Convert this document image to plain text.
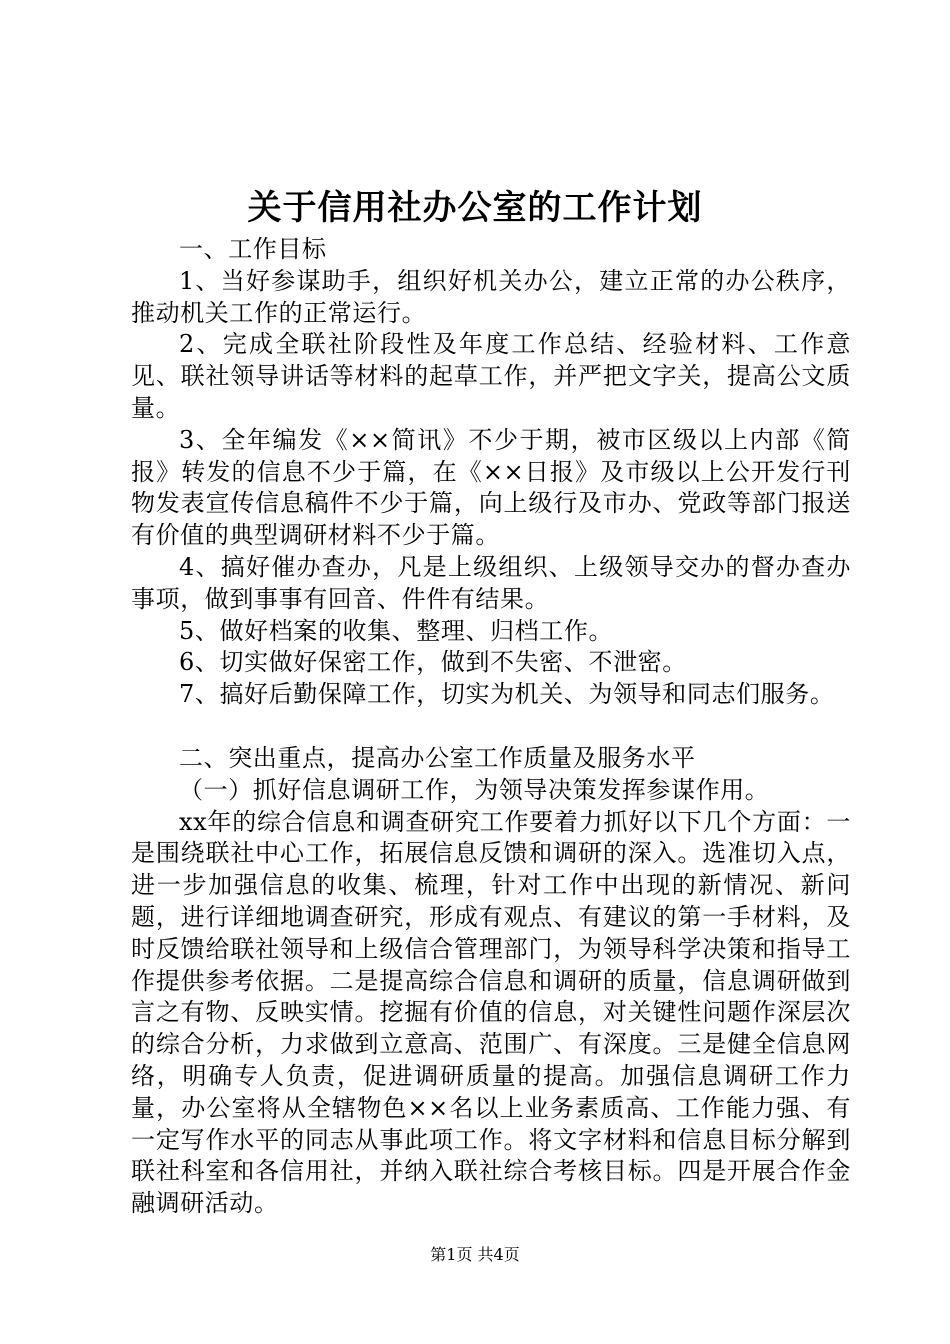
关于信用社办公室的工作计划

一、工作目标

1、当好参谋助手，组织好机关办公，建立正常的办公秩序，推动机关工作的正常运行。

2、完成全联社阶段性及年度工作总结、经验材料、工作意见、联社领导讲话等材料的起草工作，并严把文字关，提高公文质量。

3、全年编发《××简讯》不少于期，被市区级以上内部《简报》转发的信息不少于篇，在《××日报》及市级以上公开发行刊物发表宣传信息稿件不少于篇，向上级行及市办、党政等部门报送有价值的典型调研材料不少于篇。

4、搞好催办查办，凡是上级组织、上级领导交办的督办查办事项，做到事事有回音、件件有结果。

5、做好档案的收集、整理、归档工作。

6、切实做好保密工作，做到不失密、不泄密。

7、搞好后勤保障工作，切实为机关、为领导和同志们服务。

二、突出重点，提高办公室工作质量及服务水平

（一）抓好信息调研工作，为领导决策发挥参谋作用。

xx年的综合信息和调查研究工作要着力抓好以下几个方面：一是围绕联社中心工作，拓展信息反馈和调研的深入。选准切入点，进一步加强信息的收集、梳理，针对工作中出现的新情况、新问题，进行详细地调查研究，形成有观点、有建议的第一手材料，及时反馈给联社领导和上级信合管理部门，为领导科学决策和指导工作提供参考依据。二是提高综合信息和调研的质量，信息调研做到言之有物、反映实情。挖掘有价值的信息，对关键性问题作深层次的综合分析，力求做到立意高、范围广、有深度。三是健全信息网络，明确专人负责，促进调研质量的提高。加强信息调研工作力量，办公室将从全辖物色××名以上业务素质高、工作能力强、有一定写作水平的同志从事此项工作。将文字材料和信息目标分解到联社科室和各信用社，并纳入联社综合考核目标。四是开展合作金融调研活动。

第1页 共4页
